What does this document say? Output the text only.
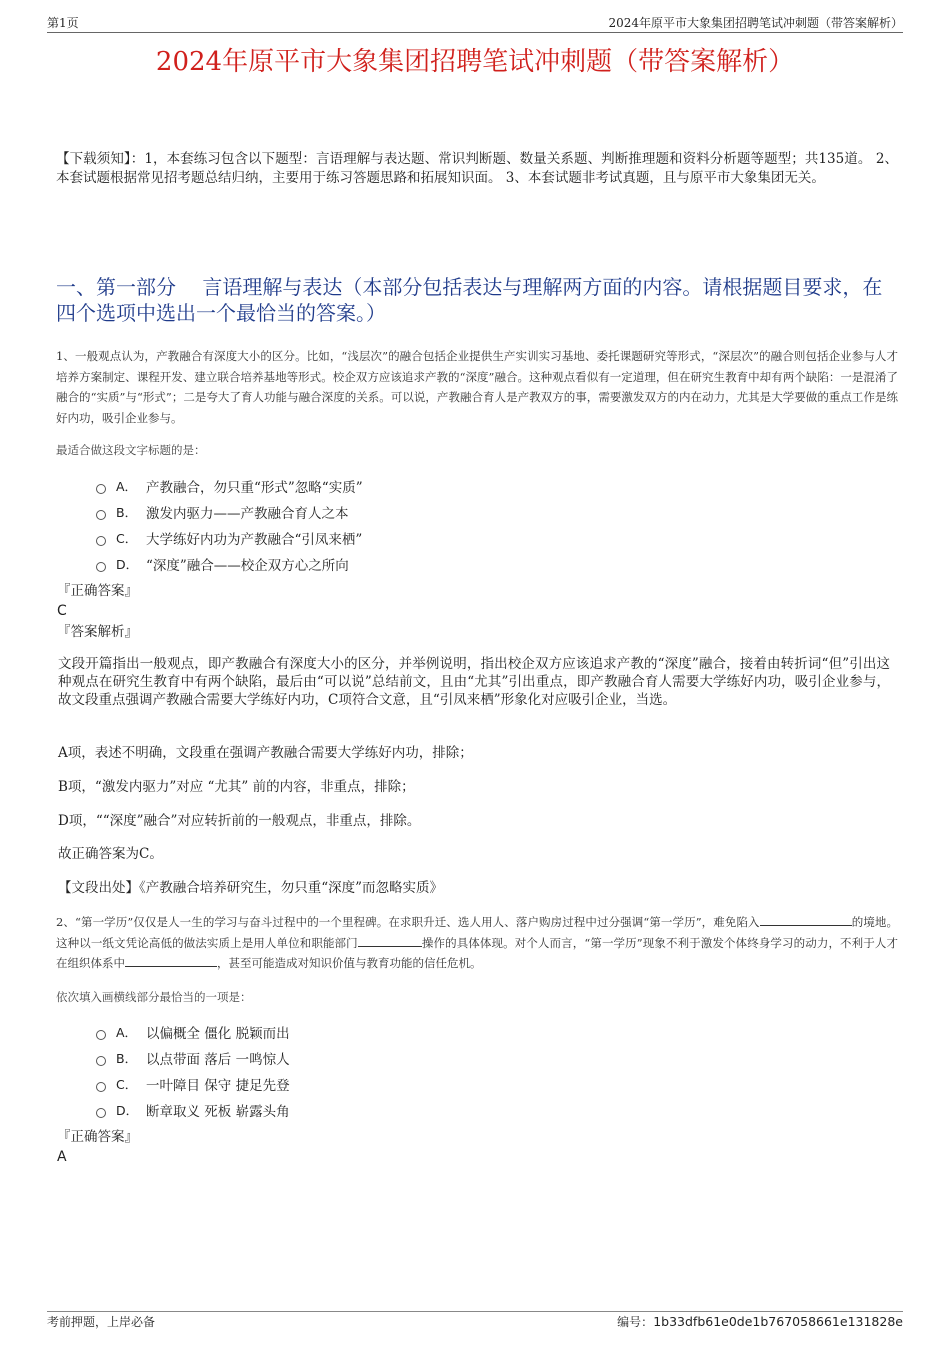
第1页	2024年原平市大象集团招聘笔试冲刺题（带答案解析）
2024年原平市大象集团招聘笔试冲刺题（带答案解析）
【下载须知】：1，本套练习包含以下题型：言语理解与表达题、常识判断题、数量关系题、判断推理题和资料分析题等题型；共135道。 2、本套试题根据常见招考题总结归纳，主要用于练习答题思路和拓展知识面。 3、本套试题非考试真题，且与原平市大象集团无关。
一、第一部分　 言语理解与表达（本部分包括表达与理解两方面的内容。请根据题目要求，在四个选项中选出一个最恰当的答案。）
1、一般观点认为，产教融合有深度大小的区分。比如，“浅层次”的融合包括企业提供生产实训实习基地、委托课题研究等形式，“深层次”的融合则包括企业参与人才培养方案制定、课程开发、建立联合培养基地等形式。校企双方应该追求产教的“深度”融合。这种观点看似有一定道理，但在研究生教育中却有两个缺陷：一是混淆了融合的“实质”与“形式”；二是夸大了育人功能与融合深度的关系。可以说，产教融合育人是产教双方的事，需要激发双方的内在动力，尤其是大学要做的重点工作是练好内功，吸引企业参与。
最适合做这段文字标题的是：
A． 产教融合，勿只重“形式”忽略“实质”
B． 激发内驱力——产教融合育人之本
C． 大学练好内功为产教融合“引凤来栖”
D． “深度”融合——校企双方心之所向
『正确答案』
C
『答案解析』
文段开篇指出一般观点，即产教融合有深度大小的区分，并举例说明，指出校企双方应该追求产教的“深度”融合，接着由转折词“但”引出这种观点在研究生教育中有两个缺陷，最后由“可以说”总结前文，且由“尤其”引出重点，即产教融合育人需要大学练好内功，吸引企业参与，故文段重点强调产教融合需要大学练好内功，C项符合文意，且“引凤来栖”形象化对应吸引企业，当选。
A项，表述不明确，文段重在强调产教融合需要大学练好内功，排除；
B项，“激发内驱力”对应 “尤其” 前的内容，非重点，排除；
D项，““深度”融合”对应转折前的一般观点，非重点，排除。
故正确答案为C。
【文段出处】《产教融合培养研究生，勿只重“深度”而忽略实质》
2、“第一学历”仅仅是人一生的学习与奋斗过程中的一个里程碑。在求职升迁、选人用人、落户购房过程中过分强调“第一学历”，难免陷入	的境地。这种以一纸文凭论高低的做法实质上是用人单位和职能部门	操作的具体体现。对个人而言，“第一学历”现象不利于激发个体终身学习的动力，不利于人才在组织体系中	，甚至可能造成对知识价值与教育功能的信任危机。
依次填入画横线部分最恰当的一项是：
A． 以偏概全 僵化 脱颖而出
B． 以点带面 落后 一鸣惊人
C． 一叶障目 保守 捷足先登
D． 断章取义 死板 崭露头角
『正确答案』
A
考前押题，上岸必备	编号：1b33dfb61e0de1b767058661e131828e
